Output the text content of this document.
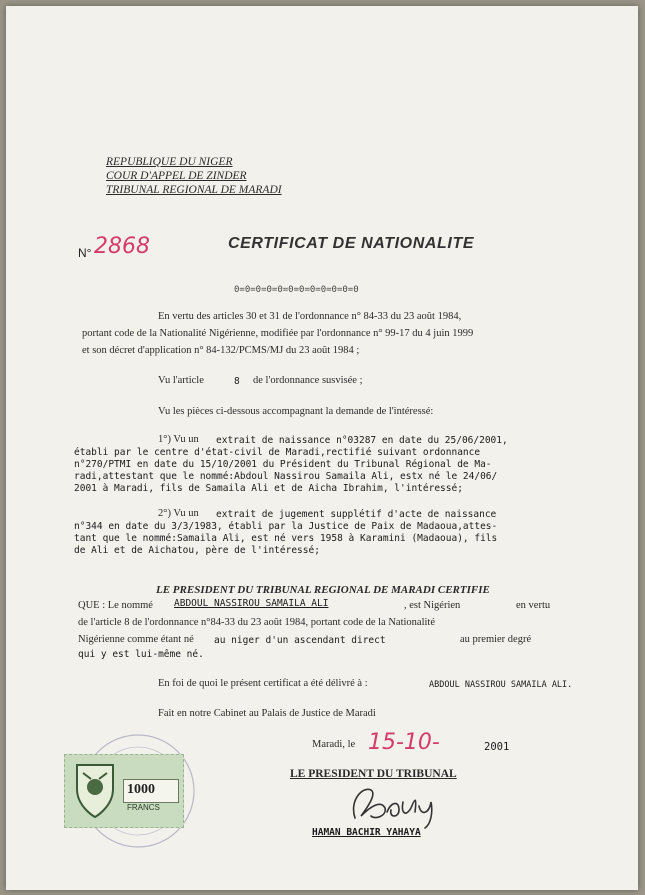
REPUBLIQUE DU NIGER
COUR D'APPEL DE ZINDER
TRIBUNAL REGIONAL DE MARADI
N° 2868	CERTIFICAT DE NATIONALITE
0=0=0=0=0=0=0=0=0=0=0=0
En vertu des articles 30 et 31 de l'ordonnance n° 84-33 du 23 août 1984,
portant code de la Nationalité Nigérienne, modifiée par l'ordonnance n° 99-17 du 4 juin 1999
et son décret d'application n° 84-132/PCMS/MJ du 23 août 1984 ;
Vu l'article	8 de l'ordonnance susvisée ;
Vu les pièces ci-dessous accompagnant la demande de l'intéressé:
1°) Vu un extrait de naissance n°03287 en date du 25/06/2001,
établi par le centre d'état-civil de Maradi,rectifié suivant ordonnance
n°270/PTMI en date du 15/10/2001 du Président du Tribunal Régional de Ma-
radi,attestant que le nommé:Abdoul Nassirou Samaila Ali, estx né le 24/06/
2001 à Maradi, fils de Samaila Ali et de Aicha Ibrahim, l'intéressé;
2°) Vu un extrait de jugement supplétif d'acte de naissance
n°344 en date du 3/3/1983, établi par la Justice de Paix de Madaoua,attes-
tant que le nommé:Samaila Ali, est né vers 1958 à Karamini (Madaoua), fils
de Ali et de Aichatou, père de l'intéressé;
LE PRESIDENT DU TRIBUNAL REGIONAL DE MARADI CERTIFIE
QUE : Le nommé ABDOUL NASSIROU SAMAILA ALI	, est Nigérien	en vertu
de l'article 8 de l'ordonnance n°84-33 du 23 août 1984, portant code de la Nationalité
Nigérienne comme étant né au niger d'un ascendant direct	au premier degré
qui y est lui-même né.
En foi de quoi le présent certificat a été délivré à :	ABDOUL NASSIROU SAMAILA ALI.
Fait en notre Cabinet au Palais de Justice de Maradi
Maradi, le 15-10-	2001
LE PRESIDENT DU TRIBUNAL
HAMAN BACHIR YAHAYA
1000
FRANCS
